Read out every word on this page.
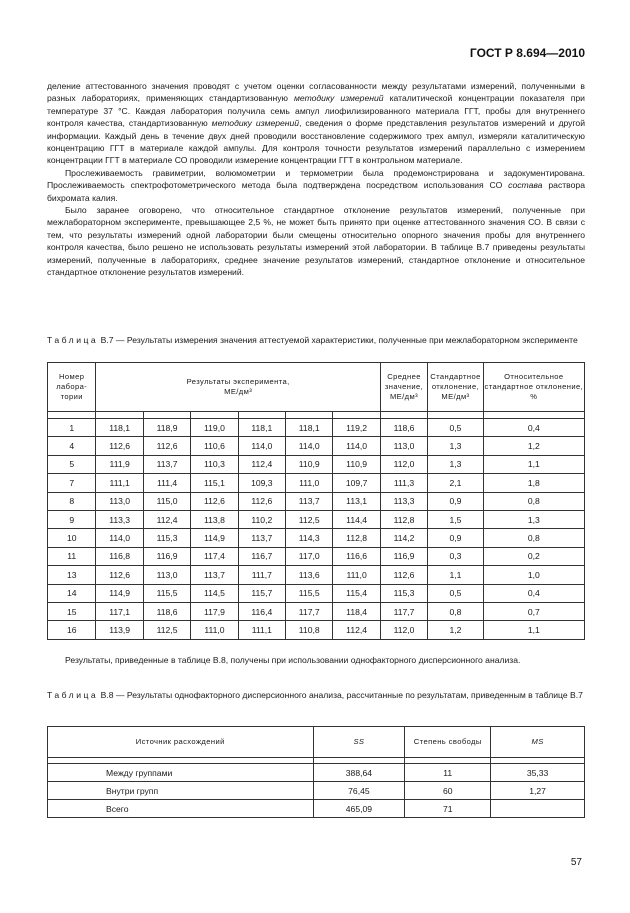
ГОСТ Р 8.694—2010

деление аттестованного значения проводят с учетом оценки согласованности между результатами измерений, полученными в разных лабораториях, применяющих стандартизованную методику измерений каталитической концентрации показателя при температуре 37 °С. Каждая лаборатория получила семь ампул лиофилизированного материала ГГТ, пробы для внутреннего контроля качества, стандартизованную методику измерений, сведения о форме представления результатов измерений и другой информации. Каждый день в течение двух дней проводили восстановление содержимого трех ампул, измеряли каталитическую концентрацию ГГТ в материале каждой ампулы. Для контроля точности результатов измерений параллельно с измерением концентрации ГГТ в материале СО проводили измерение концентрации ГГТ в контрольном материале.

Прослеживаемость гравиметрии, волюмометрии и термометрии была продемонстрирована и задокументирована. Прослеживаемость спектрофотометрического метода была подтверждена посредством использования СО состава раствора бихромата калия.

Было заранее оговорено, что относительное стандартное отклонение результатов измерений, полученные при межлабораторном эксперименте, превышающее 2,5 %, не может быть принято при оценке аттестованного значения СО. В связи с тем, что результаты измерений одной лаборатории были смещены относительно опорного значения пробы для внутреннего контроля качества, было решено не использовать результаты измерений этой лаборатории. В таблице В.7 приведены результаты измерений, полученные в лабораториях, среднее значение результатов измерений, стандартное отклонение и относительное стандартное отклонение результатов измерений.

Таблица В.7 — Результаты измерения значения аттестуемой характеристики, полученные при межлабораторном эксперименте
Номер лабора-тории	Результаты эксперимента,
МЕ/дм³						Среднее значение, МЕ/дм³	Стандартное отклонение, МЕ/дм³	Относительное стандартное отклонение, %

1	118,1	118,9	119,0	118,1	118,1	119,2	118,6	0,5	0,4
4	112,6	112,6	110,6	114,0	114,0	114,0	113,0	1,3	1,2
5	111,9	113,7	110,3	112,4	110,9	110,9	112,0	1,3	1,1
7	111,1	111,4	115,1	109,3	111,0	109,7	111,3	2,1	1,8
8	113,0	115,0	112,6	112,6	113,7	113,1	113,3	0,9	0,8
9	113,3	112,4	113,8	110,2	112,5	114,4	112,8	1,5	1,3
10	114,0	115,3	114,9	113,7	114,3	112,8	114,2	0,9	0,8
11	116,8	116,9	117,4	116,7	117,0	116,6	116,9	0,3	0,2
13	112,6	113,0	113,7	111,7	113,6	111,0	112,6	1,1	1,0
14	114,9	115,5	114,5	115,7	115,5	115,4	115,3	0,5	0,4
15	117,1	118,6	117,9	116,4	117,7	118,4	117,7	0,8	0,7
16	113,9	112,5	111,0	111,1	110,8	112,4	112,0	1,2	1,1

Результаты, приведенные в таблице В.8, получены при использовании однофакторного дисперсионного анализа.

Таблица В.8 — Результаты однофакторного дисперсионного анализа, рассчитанные по результатам, приведенным в таблице В.7
Источник расхождений	SS	Степень свободы	MS

Между группами	388,64	11	35,33
Внутри групп	76,45	60	1,27
Всего	465,09	71	
57
